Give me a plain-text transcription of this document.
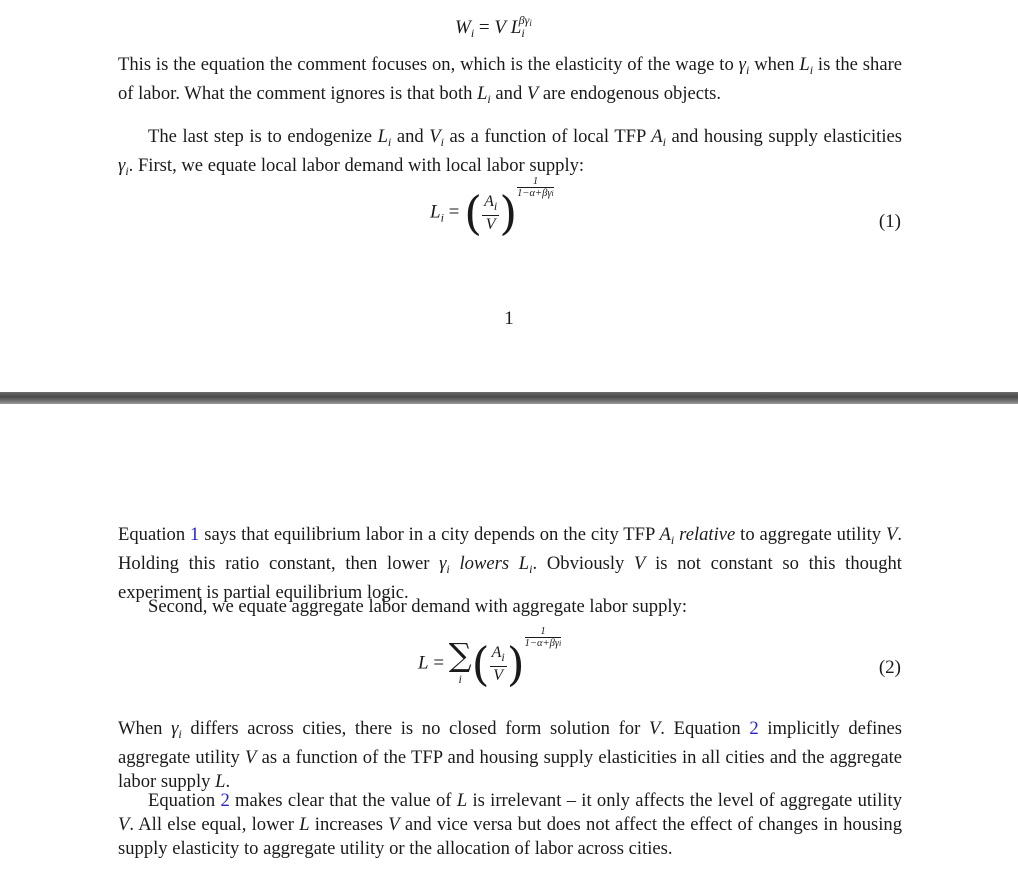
$W_i = V$ $L_i^{\beta\gamma i}$

This is the equation the comment focuses on, which is the elasticity of the wage to $\gamma_i$ when $L_i$ is the share of labor. What the comment ignores is that both $L_i$ and V are endogenous objects.

The last step is to endogenize $L_i$ and $V_i$ as a function of local TFP $A_i$ and housing supply elasticities $\gamma_i$. First, we equate local labor demand with local labor supply:

$L_i$ = ( $\frac{A_i}{V}$ )
1
1−α+βγi
(1)
1

Equation 1 says that equilibrium labor in a city depends on the city TFP $A_i$ relative to aggregate utility V. Holding this ratio constant, then lower $\gamma_i$ lowers $L_i$. Obviously V is not constant so this thought experiment is partial equilibrium logic.

Second, we equate aggregate labor demand with aggregate labor supply:

L = ∑
i ( $\frac{A_i}{V}$ )
1
1−α+βγi
(2)

When $\gamma_i$ differs across cities, there is no closed form solution for V. Equation 2 implicitly defines aggregate utility V as a function of the TFP and housing supply elasticities in all cities and the aggregate labor supply L.

Equation 2 makes clear that the value of L is irrelevant – it only affects the level of aggregate utility V. All else equal, lower L increases V and vice versa but does not affect the effect of changes in housing supply elasticity to aggregate utility or the allocation of labor across cities.
